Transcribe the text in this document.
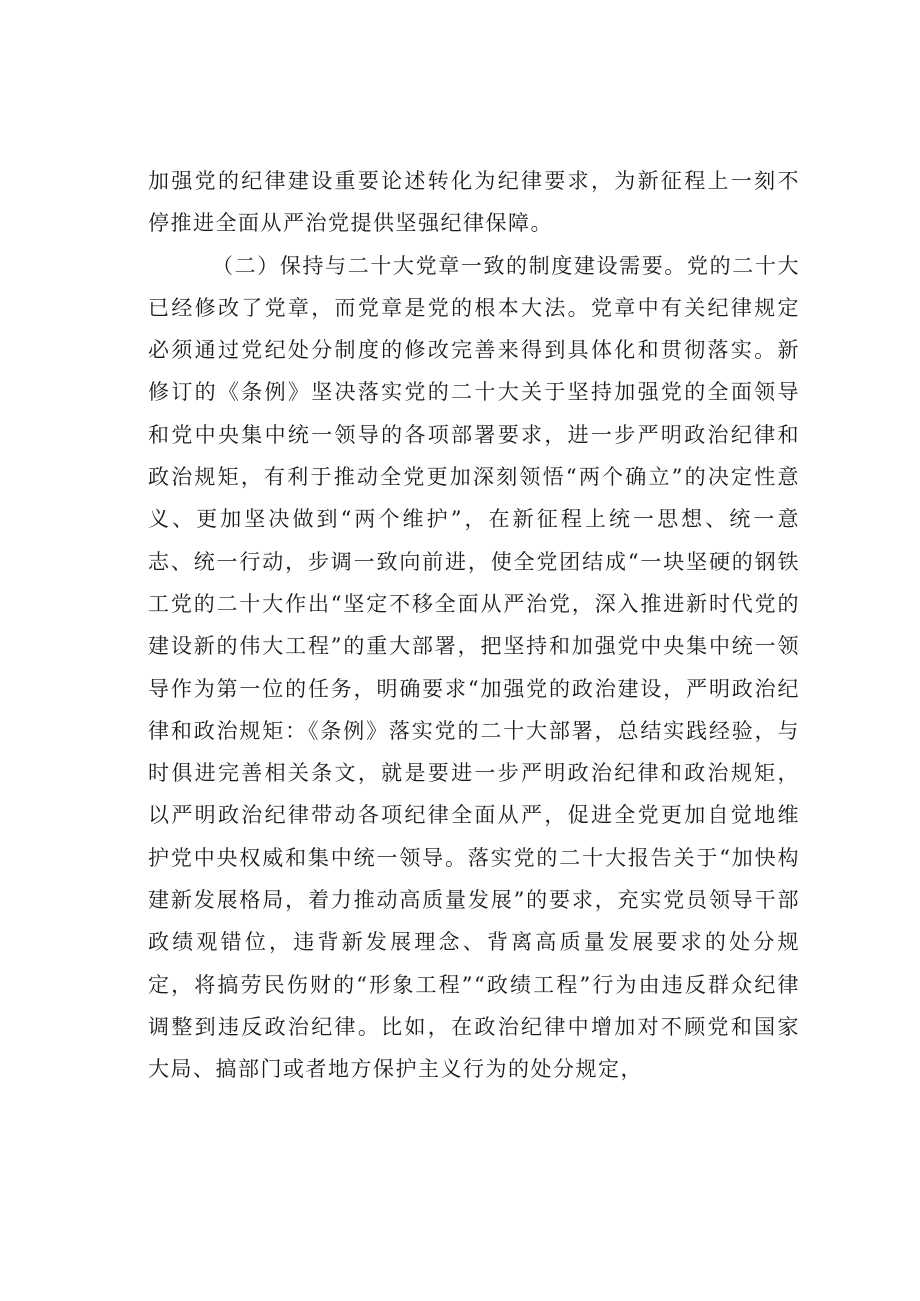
加强党的纪律建设重要论述转化为纪律要求，为新征程上一刻不停推进全面从严治党提供坚强纪律保障。

（二）保持与二十大党章一致的制度建设需要。党的二十大已经修改了党章，而党章是党的根本大法。党章中有关纪律规定必须通过党纪处分制度的修改完善来得到具体化和贯彻落实。新修订的《条例》坚决落实党的二十大关于坚持加强党的全面领导和党中央集中统一领导的各项部署要求，进一步严明政治纪律和政治规矩，有利于推动全党更加深刻领悟“两个确立”的决定性意义、更加坚决做到“两个维护”，在新征程上统一思想、统一意志、统一行动，步调一致向前进，使全党团结成“一块坚硬的钢铁工党的二十大作出“坚定不移全面从严治党，深入推进新时代党的建设新的伟大工程”的重大部署，把坚持和加强党中央集中统一领导作为第一位的任务，明确要求“加强党的政治建设，严明政治纪律和政治规矩：《条例》落实党的二十大部署，总结实践经验，与时俱进完善相关条文，就是要进一步严明政治纪律和政治规矩，以严明政治纪律带动各项纪律全面从严，促进全党更加自觉地维护党中央权威和集中统一领导。落实党的二十大报告关于“加快构建新发展格局，着力推动高质量发展”的要求，充实党员领导干部政绩观错位，违背新发展理念、背离高质量发展要求的处分规定，将搞劳民伤财的“形象工程”“政绩工程”行为由违反群众纪律调整到违反政治纪律。比如，在政治纪律中增加对不顾党和国家大局、搞部门或者地方保护主义行为的处分规定，
